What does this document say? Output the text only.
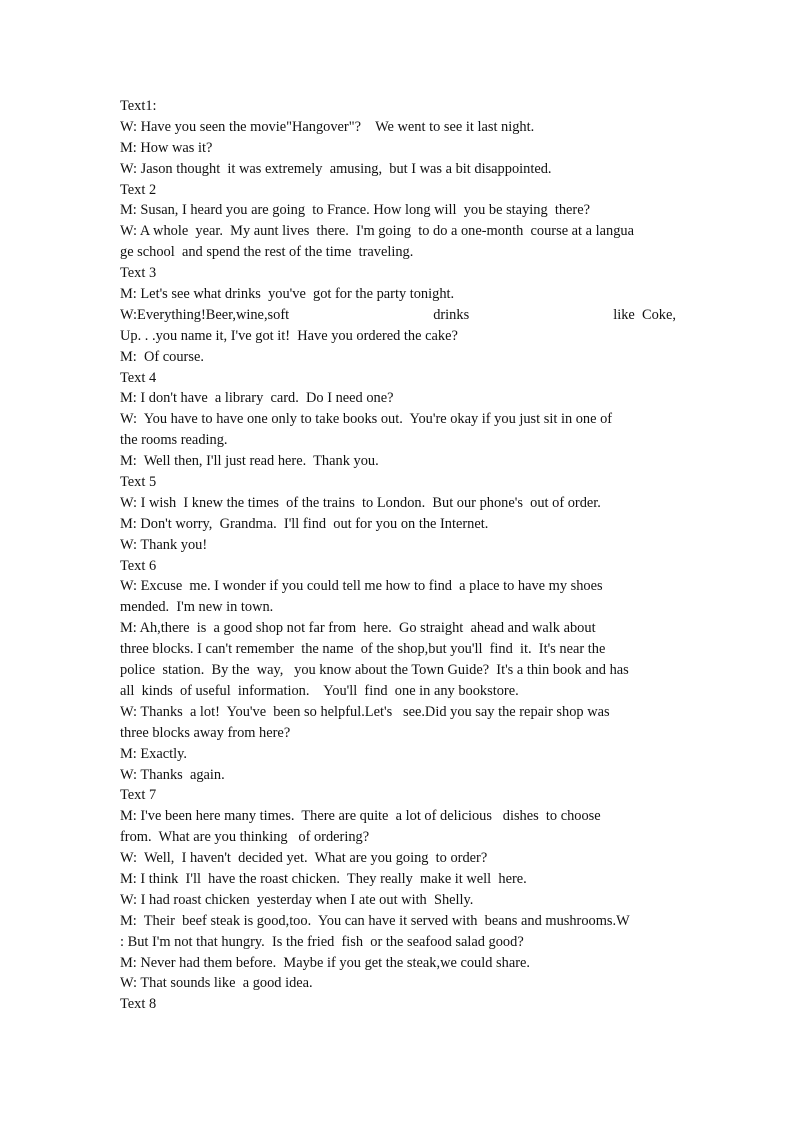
Text1:
W: Have you seen the movie"Hangover"?    We went to see it last night.
M: How was it?
W: Jason thought  it was extremely  amusing,  but I was a bit disappointed.
Text 2
M: Susan, I heard you are going  to France. How long will  you be staying  there?
W: A whole  year.  My aunt lives  there.  I'm going  to do a one-month  course at a langua
ge school  and spend the rest of the time  traveling.
Text 3
M: Let's see what drinks  you've  got for the party tonight.
W:Everything!Beer,wine,soft	drinks	like  Coke,
Up. . .you name it, I've got it!  Have you ordered the cake?
M:  Of course.
Text 4
M: I don't have  a library  card.  Do I need one?
W:  You have to have one only to take books out.  You're okay if you just sit in one of
the rooms reading.
M:  Well then, I'll just read here.  Thank you.
Text 5
W: I wish  I knew the times  of the trains  to London.  But our phone's  out of order.
M: Don't worry,  Grandma.  I'll find  out for you on the Internet.
W: Thank you!
Text 6
W: Excuse  me. I wonder if you could tell me how to find  a place to have my shoes
mended.  I'm new in town.
M: Ah,there  is  a good shop not far from  here.  Go straight  ahead and walk about
three blocks. I can't remember  the name  of the shop,but you'll  find  it.  It's near the
police  station.  By the  way,   you know about the Town Guide?  It's a thin book and has
all  kinds  of useful  information.    You'll  find  one in any bookstore.
W: Thanks  a lot!  You've  been so helpful.Let's   see.Did you say the repair shop was
three blocks away from here?
M: Exactly.
W: Thanks  again.
Text 7
M: I've been here many times.  There are quite  a lot of delicious   dishes  to choose
from.  What are you thinking   of ordering?
W:  Well,  I haven't  decided yet.  What are you going  to order?
M: I think  I'll  have the roast chicken.  They really  make it well  here.
W: I had roast chicken  yesterday when I ate out with  Shelly.
M:  Their  beef steak is good,too.  You can have it served with  beans and mushrooms.W
: But I'm not that hungry.  Is the fried  fish  or the seafood salad good?
M: Never had them before.  Maybe if you get the steak,we could share.
W: That sounds like  a good idea.
Text 8
